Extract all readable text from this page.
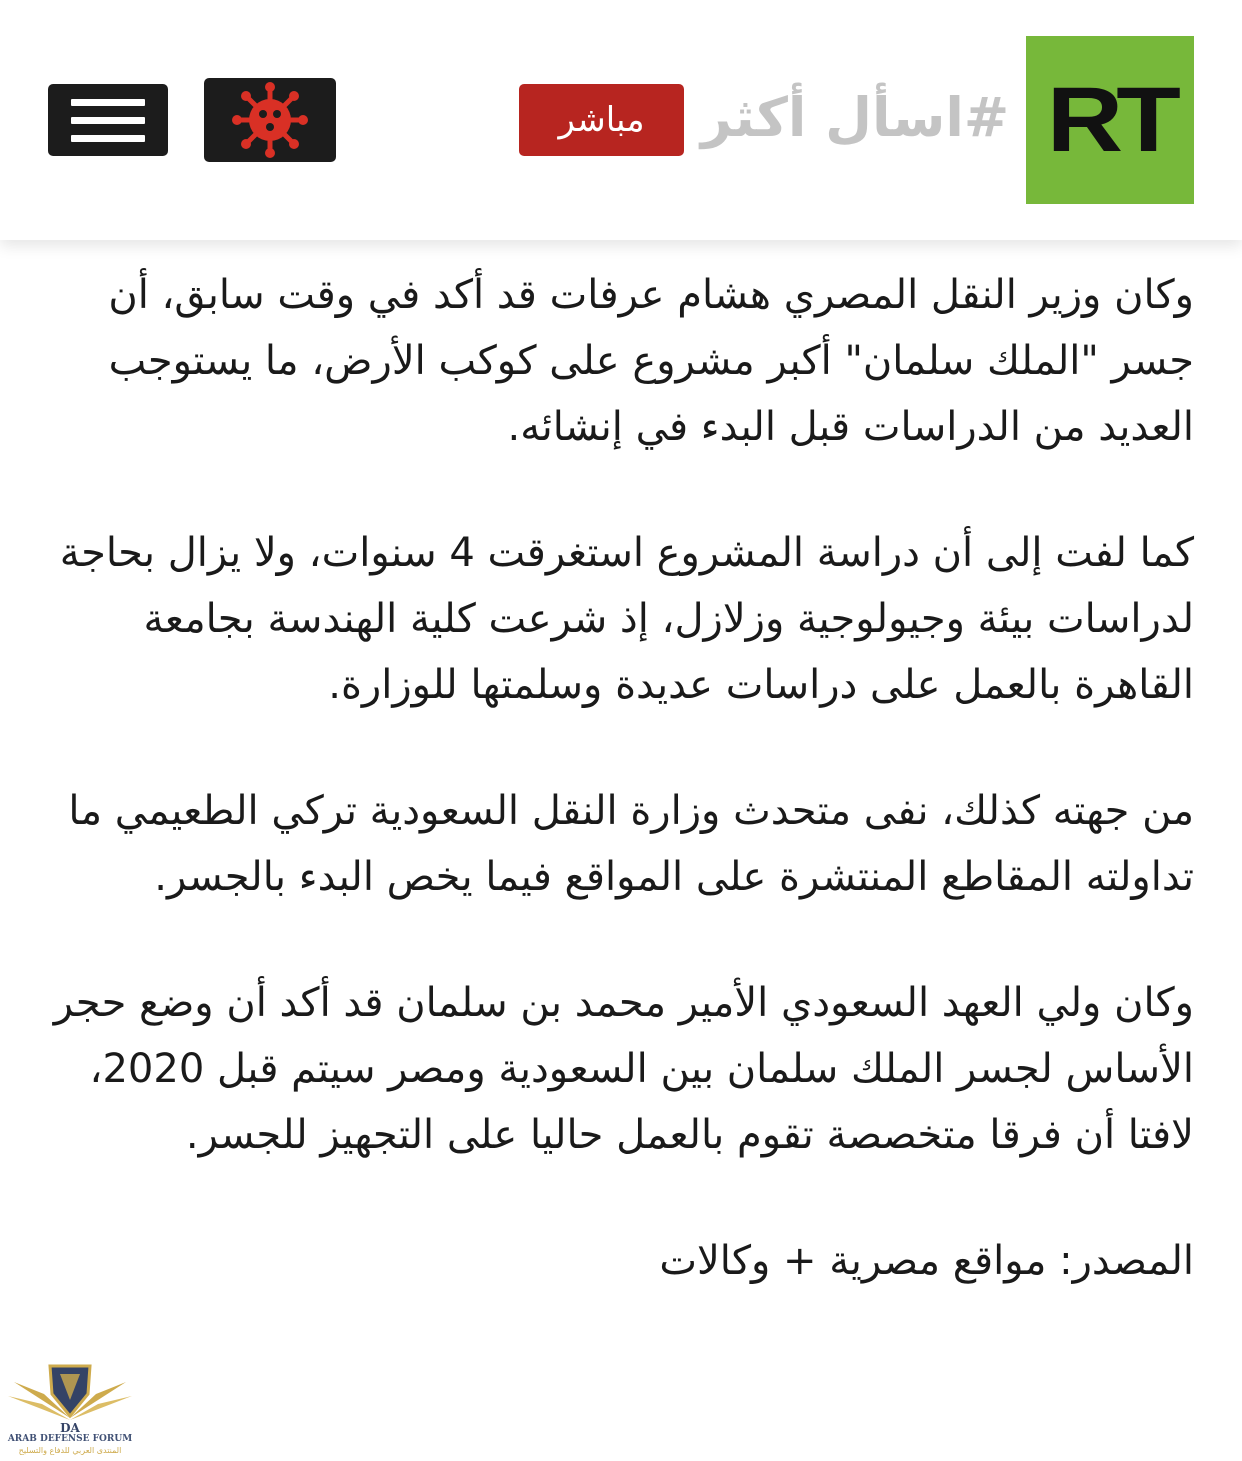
RT
#اسأل أكثر
مباشر

وكان وزير النقل المصري هشام عرفات قد أكد في وقت سابق، أن جسر "الملك سلمان" أكبر مشروع على كوكب الأرض، ما يستوجب العديد من الدراسات قبل البدء في إنشائه.

كما لفت إلى أن دراسة المشروع استغرقت 4 سنوات، ولا يزال بحاجة لدراسات بيئة وجيولوجية وزلازل، إذ شرعت كلية الهندسة بجامعة القاهرة بالعمل على دراسات عديدة وسلمتها للوزارة.

من جهته كذلك، نفى متحدث وزارة النقل السعودية تركي الطعيمي ما تداولته المقاطع المنتشرة على المواقع فيما يخص البدء بالجسر.

وكان ولي العهد السعودي الأمير محمد بن سلمان قد أكد أن وضع حجر الأساس لجسر الملك سلمان بين السعودية ومصر سيتم قبل 2020، لافتا أن فرقا متخصصة تقوم بالعمل حاليا على التجهيز للجسر.

المصدر: مواقع مصرية + وكالات

DA
ARAB DEFENSE FORUM
المنتدى العربي للدفاع والتسليح
